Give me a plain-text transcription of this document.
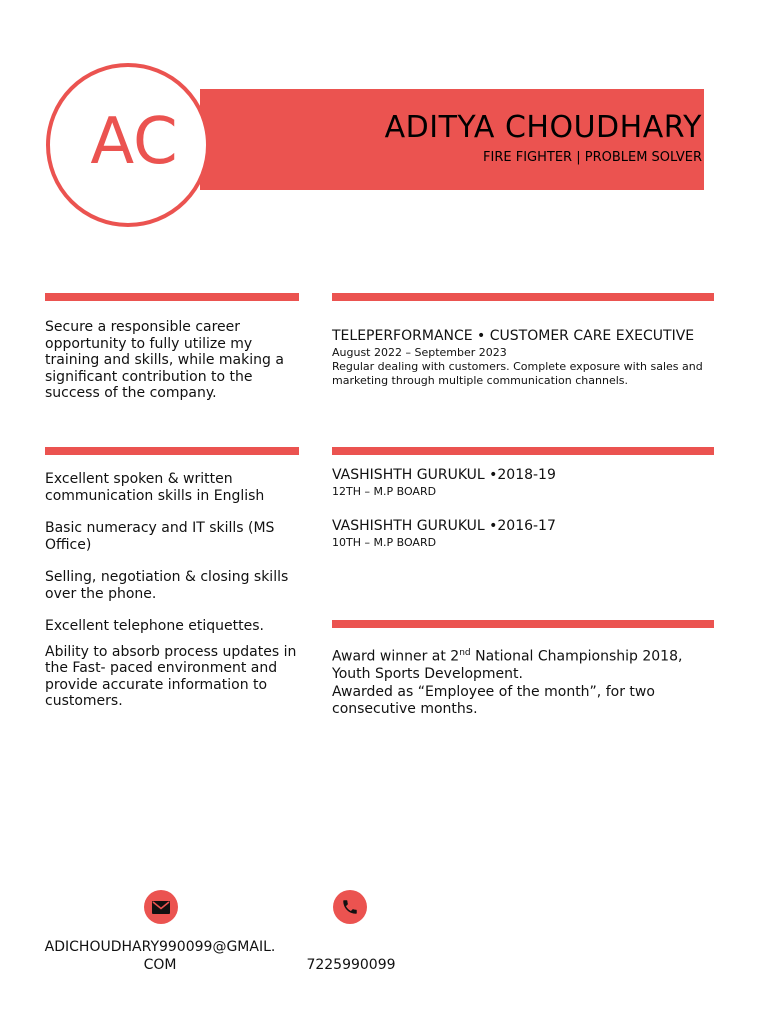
AC	ADITYA CHOUDHARY
FIRE FIGHTER | PROBLEM SOLVER
Secure a responsible career opportunity to fully utilize my training and skills, while making a significant contribution to the success of the company.
TELEPERFORMANCE • CUSTOMER CARE EXECUTIVE
August 2022 – September 2023
Regular dealing with customers. Complete exposure with sales and marketing through multiple communication channels.

Excellent spoken & written communication skills in English

Basic numeracy and IT skills (MS Office)

Selling, negotiation & closing skills over the phone.

Excellent telephone etiquettes.

Ability to absorb process updates in the Fast- paced environment and provide accurate information to customers.

VASHISHTH GURUKUL •2018-19
12TH – M.P BOARD
VASHISHTH GURUKUL •2016-17
10TH – M.P BOARD
Award winner at 2nd National Championship 2018, Youth Sports Development.
Awarded as “Employee of the month”, for two consecutive months.
ADICHOUDHARY990099@GMAIL.
COM	7225990099
